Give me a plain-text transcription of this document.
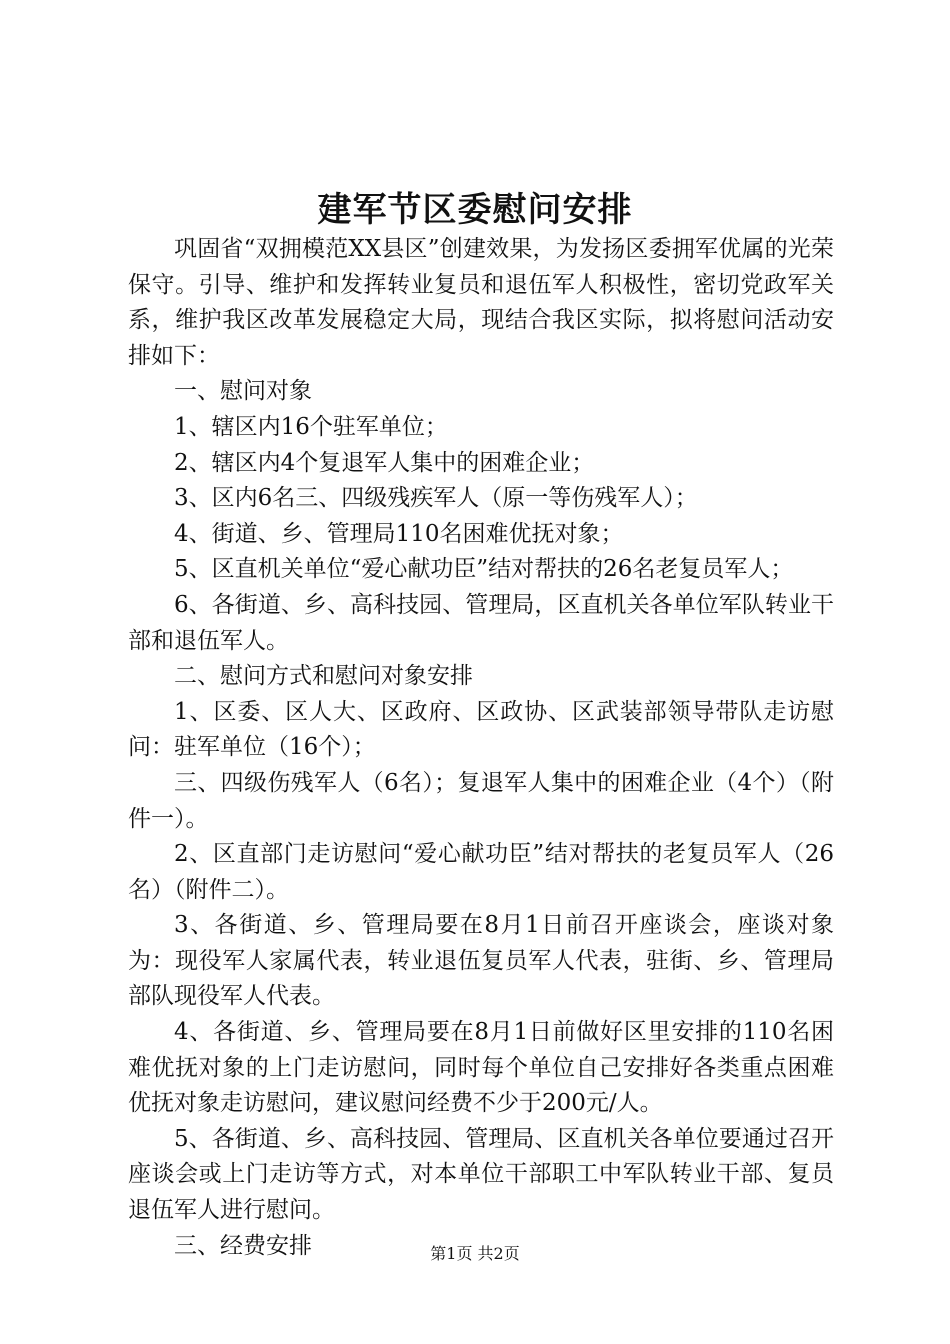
建军节区委慰问安排

巩固省“双拥模范XX县区”创建效果，为发扬区委拥军优属的光荣保守。引导、维护和发挥转业复员和退伍军人积极性，密切党政军关系，维护我区改革发展稳定大局，现结合我区实际，拟将慰问活动安排如下：

一、慰问对象

1、辖区内16个驻军单位；

2、辖区内4个复退军人集中的困难企业；

3、区内6名三、四级残疾军人（原一等伤残军人）；

4、街道、乡、管理局110名困难优抚对象；

5、区直机关单位“爱心献功臣”结对帮扶的26名老复员军人；

6、各街道、乡、高科技园、管理局，区直机关各单位军队转业干部和退伍军人。

二、慰问方式和慰问对象安排

1、区委、区人大、区政府、区政协、区武装部领导带队走访慰问：驻军单位（16个）；

三、四级伤残军人（6名）；复退军人集中的困难企业（4个）（附件一）。

2、区直部门走访慰问“爱心献功臣”结对帮扶的老复员军人（26名）（附件二）。

3、各街道、乡、管理局要在8月1日前召开座谈会，座谈对象为：现役军人家属代表，转业退伍复员军人代表，驻街、乡、管理局部队现役军人代表。

4、各街道、乡、管理局要在8月1日前做好区里安排的110名困难优抚对象的上门走访慰问，同时每个单位自己安排好各类重点困难优抚对象走访慰问，建议慰问经费不少于200元/人。

5、各街道、乡、高科技园、管理局、区直机关各单位要通过召开座谈会或上门走访等方式，对本单位干部职工中军队转业干部、复员退伍军人进行慰问。

三、经费安排	第1页 共2页
